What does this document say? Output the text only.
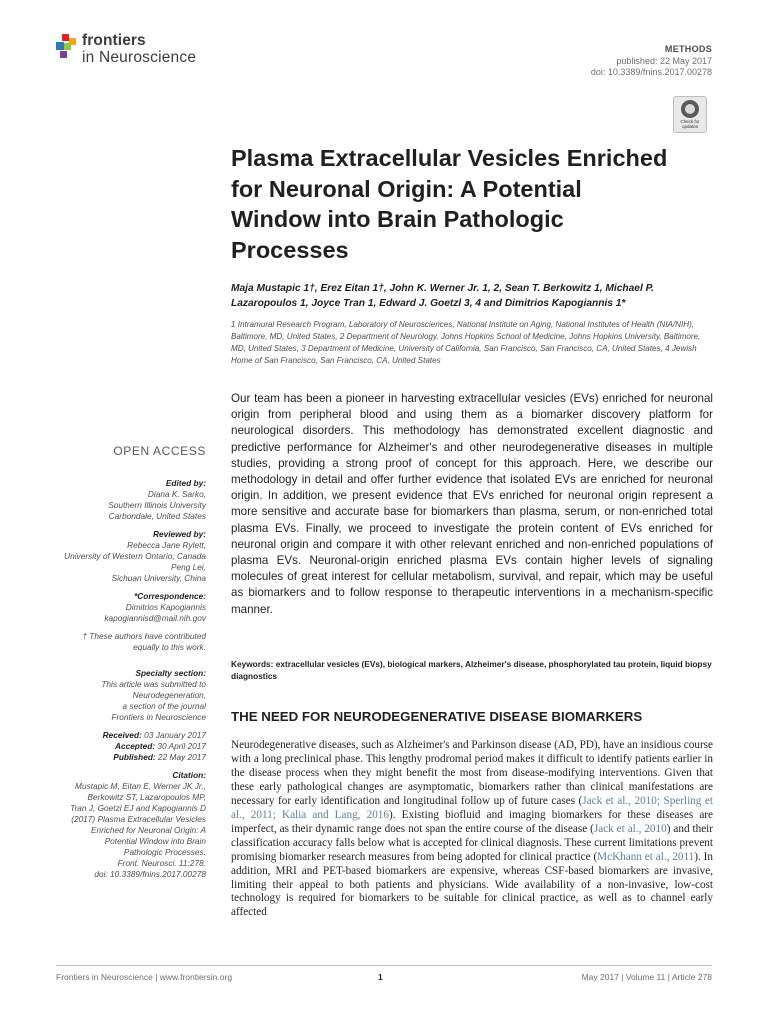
frontiers
in Neuroscience	METHODS
published: 22 May 2017
doi: 10.3389/fnins.2017.00278
Check for updates
Plasma Extracellular Vesicles Enriched for Neuronal Origin: A Potential Window into Brain Pathologic Processes
Maja Mustapic 1†, Erez Eitan 1†, John K. Werner Jr. 1, 2, Sean T. Berkowitz 1, Michael P. Lazaropoulos 1, Joyce Tran 1, Edward J. Goetzl 3, 4 and Dimitrios Kapogiannis 1*
1 Intramural Research Program, Laboratory of Neurosciences, National Institute on Aging, National Institutes of Health (NIA/NIH), Baltimore, MD, United States, 2 Department of Neurology, Johns Hopkins School of Medicine, Johns Hopkins University, Baltimore, MD, United States, 3 Department of Medicine, University of California, San Francisco, San Francisco, CA, United States, 4 Jewish Home of San Francisco, San Francisco, CA, United States

Our team has been a pioneer in harvesting extracellular vesicles (EVs) enriched for neuronal origin from peripheral blood and using them as a biomarker discovery platform for neurological disorders. This methodology has demonstrated excellent diagnostic and predictive performance for Alzheimer's and other neurodegenerative diseases in multiple studies, providing a strong proof of concept for this approach. Here, we describe our methodology in detail and offer further evidence that isolated EVs are enriched for neuronal origin. In addition, we present evidence that EVs enriched for neuronal origin represent a more sensitive and accurate base for biomarkers than plasma, serum, or non-enriched total plasma EVs. Finally, we proceed to investigate the protein content of EVs enriched for neuronal origin and compare it with other relevant enriched and non-enriched populations of plasma EVs. Neuronal-origin enriched plasma EVs contain higher levels of signaling molecules of great interest for cellular metabolism, survival, and repair, which may be useful as biomarkers and to follow response to therapeutic interventions in a mechanism-specific manner.

Keywords: extracellular vesicles (EVs), biological markers, Alzheimer's disease, phosphorylated tau protein, liquid biopsy diagnostics

THE NEED FOR NEURODEGENERATIVE DISEASE BIOMARKERS

Neurodegenerative diseases, such as Alzheimer's and Parkinson disease (AD, PD), have an insidious course with a long preclinical phase. This lengthy prodromal period makes it difficult to identify patients earlier in the disease process when they might benefit the most from disease-modifying interventions. Given that these early pathological changes are asymptomatic, biomarkers rather than clinical manifestations are necessary for early identification and longitudinal follow up of future cases (Jack et al., 2010; Sperling et al., 2011; Kalia and Lang, 2016). Existing biofluid and imaging biomarkers for these diseases are imperfect, as their dynamic range does not span the entire course of the disease (Jack et al., 2010) and their classification accuracy falls below what is accepted for clinical diagnosis. These current limitations prevent promising biomarker research measures from being adopted for clinical practice (McKhann et al., 2011). In addition, MRI and PET-based biomarkers are expensive, whereas CSF-based biomarkers are invasive, limiting their appeal to both patients and physicians. Wide availability of a non-invasive, low-cost technology is required for biomarkers to be suitable for clinical practice, as well as to channel early affected

OPEN ACCESS
Edited by:
Diana K. Sarko,
Southern Illinois University
Carbondale, United States
Reviewed by:
Rebecca Jane Rylett,
University of Western Ontario, Canada
Peng Lei,
Sichuan University, China
*Correspondence:
Dimitrios Kapogiannis
kapogiannisd@mail.nih.gov
† These authors have contributed
equally to this work.
Specialty section:
This article was submitted to
Neurodegeneration,
a section of the journal
Frontiers in Neuroscience
Received: 03 January 2017
Accepted: 30 April 2017
Published: 22 May 2017
Citation:
Mustapic M, Eitan E, Werner JK Jr.,
Berkowitz ST, Lazaropoulos MP,
Tran J, Goetzl EJ and Kapogiannis D
(2017) Plasma Extracellular Vesicles
Enriched for Neuronal Origin: A
Potential Window into Brain
Pathologic Processes.
Front. Neurosci. 11:278.
doi: 10.3389/fnins.2017.00278
Frontiers in Neuroscience | www.frontiersin.org	1	May 2017 | Volume 11 | Article 278
